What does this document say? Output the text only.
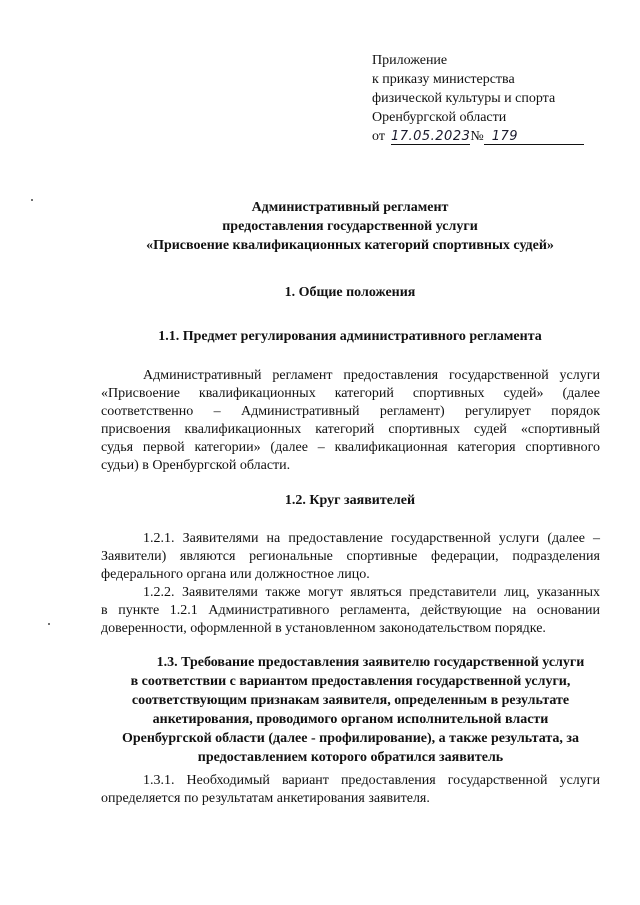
Приложение
к приказу министерства
физической культуры и спорта
Оренбургской области
от 17.05.2023 № 179
Административный регламент
предоставления государственной услуги
«Присвоение квалификационных категорий спортивных судей»
1. Общие положения
1.1. Предмет регулирования административного регламента
Административный регламент предоставления государственной услуги
«Присвоение квалификационных категорий спортивных судей» (далее
соответственно – Административный регламент) регулирует порядок
присвоения квалификационных категорий спортивных судей «спортивный
судья первой категории» (далее – квалификационная категория спортивного
судьи) в Оренбургской области.
1.2. Круг заявителей
1.2.1. Заявителями на предоставление государственной услуги (далее –
Заявители) являются региональные спортивные федерации, подразделения
федерального органа или должностное лицо.
1.2.2. Заявителями также могут являться представители лиц, указанных
в пункте 1.2.1 Административного регламента, действующие на основании
доверенности, оформленной в установленном законодательством порядке.
1.3. Требование предоставления заявителю государственной услуги
в соответствии с вариантом предоставления государственной услуги,
соответствующим признакам заявителя, определенным в результате
анкетирования, проводимого органом исполнительной власти
Оренбургской области (далее - профилирование), а также результата, за
предоставлением которого обратился заявитель
1.3.1. Необходимый вариант предоставления государственной услуги
определяется по результатам анкетирования заявителя.
